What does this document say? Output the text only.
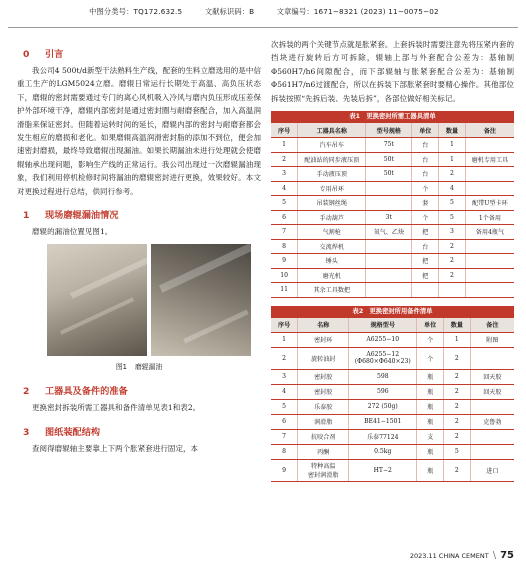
中图分类号：TQ172.632.5	文献标识码：B	文章编号：1671−8321 (2023) 11−0075−02
0 引言

我公司4 500t/d新型干法熟料生产线，配套的生料立磨选用的是中信重工生产的LGM5024立磨。磨辊日常运行长期处于高温、高负压状态下，磨辊的密封需要通过专门的离心风机吸入冷风与磨内负压形成压差保护外部环境干净，磨辊内部密封是通过密封圈与耐磨套配合，加入高温润滑脂来保证密封。但随着运转时间的延长，磨辊内部的密封与耐磨套都会发生相应的磨损和老化。如果磨辊高温润滑密封脂的添加不到位，便会加速密封磨损，最终导致磨辊出现漏油。如果长期漏油未进行处理就会使磨辊轴承出现问题，影响生产线的正常运行。我公司出现过一次磨辊漏油现象，我们利用停机检修时间将漏油的磨辊密封进行更换，效果较好。本文对更换过程进行总结，供同行参考。

1 现场磨辊漏油情况

磨辊的漏油位置见图1。

图1 磨辊漏油
2 工器具及备件的准备

更换密封拆装所需工器具和备件清单见表1和表2。

3 图纸装配结构

查阅得磨辊轴主要靠上下两个胀紧套进行固定，本

次拆装的两个关键节点就是胀紧套。上套拆装时需要注意先将压紧内套的挡块进行旋转后方可拆除，辊轴上部与外套配合公差为：基轴制Φ560H7/h6间隙配合，而下部辊轴与胀紧套配合公差为：基轴制Φ561H7/n6过渡配合，所以在拆装下部胀紧套时要精心操作。其他部位拆装按照“先拆后装、先装后拆”，各部位做好相关标记。

表1　更换密封所需工器具清单
序号	工器具名称	型号规格	单位	数量	备注
1	汽车吊车	75t	台	1	
2	配油站的同步液压顶	50t	台	1	磨机专用工具
3	手动液压顶	50t	台	2	
4	专用吊环		个	4	
5	吊装钢丝绳		套	5	配带U型卡环
6	手动葫芦	3t	个	5	1个备用
7	气割枪	氧气、乙炔	把	3	备用4瓶气
8	交流焊机		台	2	
9	锤头		把	2	
10	磨光机		把	2	
11	其余工具数把				
表2　更换密封所用备件清单
序号	名称	规格型号	单位	数量	备注
1	密封环	A6255−10	个	1	附图
2	旋转油封	A6255−12
(Φ680×Φ640×23)	个	2	
3	密封胶	598	瓶	2	回天胶
4	密封胶	596	瓶	2	回天胶
5	乐泰胶	272 (50g)	瓶	2	
6	润滑脂	BE41−1501	瓶	2	克鲁勃
7	抗咬合剂	乐泰77124	支	2	
8	丙酮	0.5kg	瓶	5	
9	特种高温
密封润滑脂	HT−2	瓶	2	进口
2023.11 CHINA CEMENT \ 75
